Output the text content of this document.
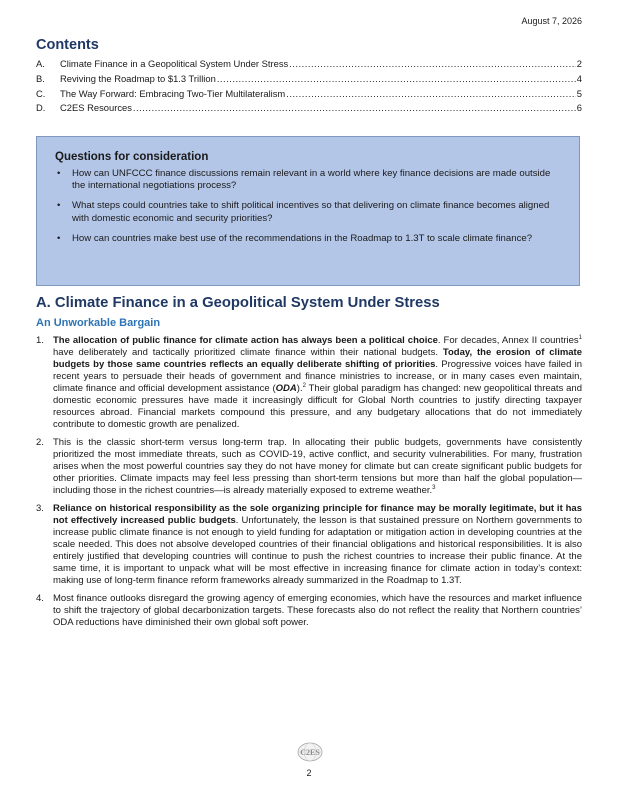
August 7, 2026
Contents
A.	Climate Finance in a Geopolitical System Under Stress .....	2
B.	Reviving the Roadmap to $1.3 Trillion .....	4
C.	The Way Forward: Embracing Two-Tier Multilateralism .....	5
D.	C2ES Resources .....	6

Questions for consideration

• How can UNFCCC finance discussions remain relevant in a world where key finance decisions are made outside the international negotiations process?
• What steps could countries take to shift political incentives so that delivering on climate finance becomes aligned with domestic economic and security priorities?
• How can countries make best use of the recommendations in the Roadmap to 1.3T to scale climate finance?
A. Climate Finance in a Geopolitical System Under Stress
An Unworkable Bargain
1. The allocation of public finance for climate action has always been a political choice. For decades, Annex II countries$^1$ have deliberately and tactically prioritized climate finance within their national budgets. Today, the erosion of climate budgets by those same countries reflects an equally deliberate shifting of priorities. Progressive voices have failed in recent years to persuade their heads of government and finance ministries to increase, or in many cases even maintain, climate finance and official development assistance (ODA).$^2$ Their global paradigm has changed: new geopolitical threats and domestic economic pressures have made it increasingly difficult for Global North countries to justify directing taxpayer resources abroad. Financial markets compound this pressure, and any budgetary allocations that do not immediately contribute to domestic growth are penalized.
2. This is the classic short-term versus long-term trap. In allocating their public budgets, governments have consistently prioritized the most immediate threats, such as COVID-19, active conflict, and security vulnerabilities. For many, frustration arises when the most powerful countries say they do not have money for climate but can create significant public budgets for other priorities. Climate impacts may feel less pressing than short-term tensions but more than half the global population—including those in the richest countries—is already materially exposed to extreme weather.$^3$
3. Reliance on historical responsibility as the sole organizing principle for finance may be morally legitimate, but it has not effectively increased public budgets. Unfortunately, the lesson is that sustained pressure on Northern governments to increase public climate finance is not enough to yield funding for adaptation or mitigation action in developing countries at the scale needed. This does not absolve developed countries of their financial obligations and historical responsibilities. It is also entirely justified that developing countries will continue to push the richest countries to increase their public finance. At the same time, it is important to unpack what will be most effective in increasing finance for climate action in today’s context: making use of long-term finance reform frameworks already summarized in the Roadmap to 1.3T.
4. Most finance outlooks disregard the growing agency of emerging economies, which have the resources and market influence to shift the trajectory of global decarbonization targets. These forecasts also do not reflect the reality that Northern countries’ ODA reductions have diminished their own global soft power.
C2ES
2
